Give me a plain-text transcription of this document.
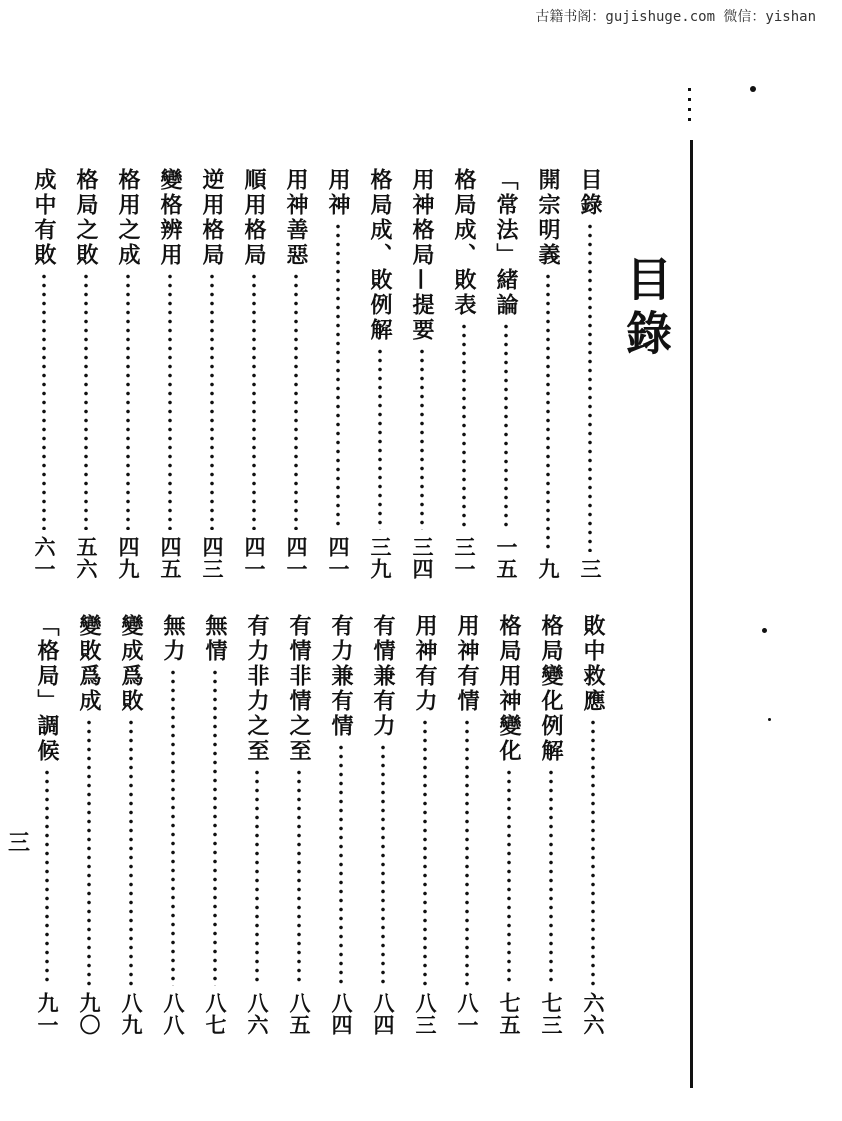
古籍书阁：gujishuge.com 微信：yishan
目錄
目錄
三
開宗明義
九
「常法」緒論
一五
格局成、敗表
三一
用神格局—提要
三四
格局成、敗例解
三九
用神
四一
用神善惡
四一
順用格局
四一
逆用格局
四三
變格辨用
四五
格用之成
四九
格局之敗
五六
成中有敗
六一
敗中救應
六六
格局變化例解
七三
格局用神變化
七五
用神有情
八一
用神有力
八三
有情兼有力
八四
有力兼有情
八四
有情非情之至
八五
有力非力之至
八六
無情
八七
無力
八八
變成爲敗
八九
變敗爲成
九〇
「格局」調候
九一
三
